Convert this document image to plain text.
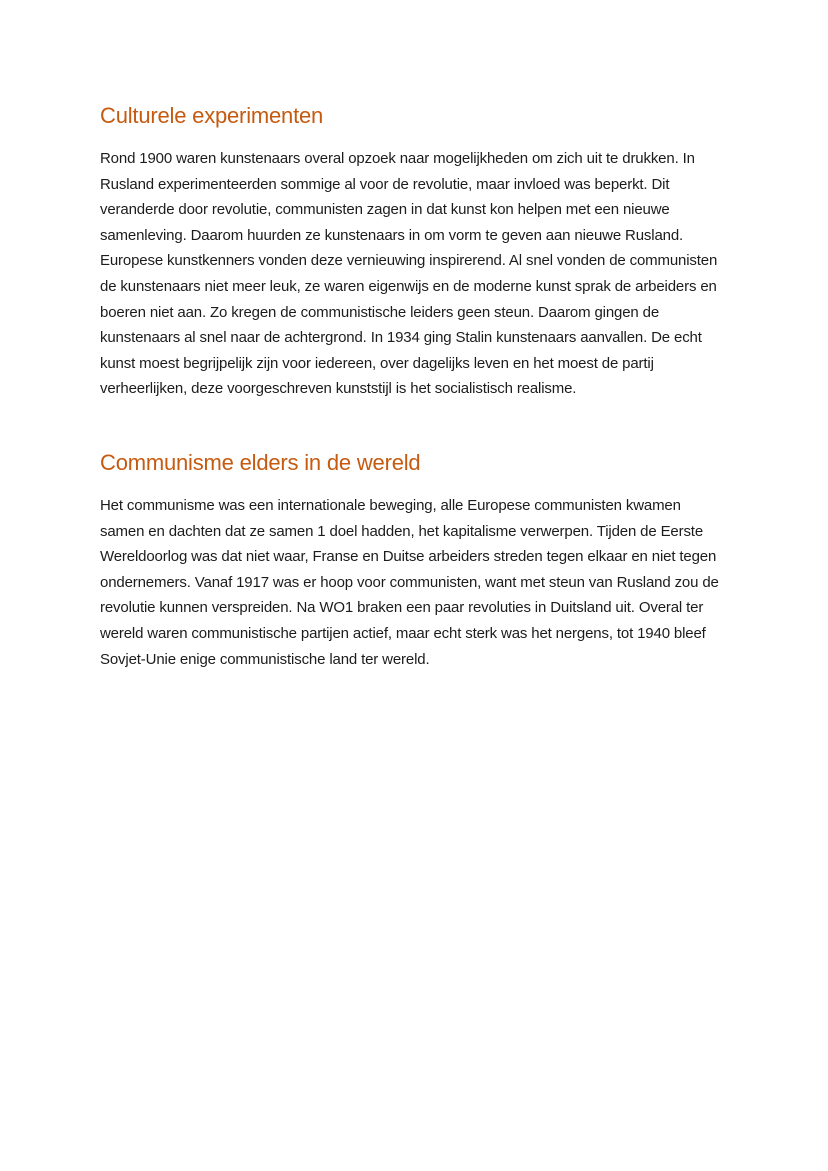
Culturele experimenten

Rond 1900 waren kunstenaars overal opzoek naar mogelijkheden om zich uit te drukken. In Rusland experimenteerden sommige al voor de revolutie, maar invloed was beperkt. Dit veranderde door revolutie, communisten zagen in dat kunst kon helpen met een nieuwe samenleving. Daarom huurden ze kunstenaars in om vorm te geven aan nieuwe Rusland. Europese kunstkenners vonden deze vernieuwing inspirerend. Al snel vonden de communisten de kunstenaars niet meer leuk, ze waren eigenwijs en de moderne kunst sprak de arbeiders en boeren niet aan. Zo kregen de communistische leiders geen steun. Daarom gingen de kunstenaars al snel naar de achtergrond. In 1934 ging Stalin kunstenaars aanvallen. De echt kunst moest begrijpelijk zijn voor iedereen, over dagelijks leven en het moest de partij verheerlijken, deze voorgeschreven kunststijl is het socialistisch realisme.

Communisme elders in de wereld

Het communisme was een internationale beweging, alle Europese communisten kwamen samen en dachten dat ze samen 1 doel hadden, het kapitalisme verwerpen. Tijden de Eerste Wereldoorlog was dat niet waar, Franse en Duitse arbeiders streden tegen elkaar en niet tegen ondernemers. Vanaf 1917 was er hoop voor communisten, want met steun van Rusland zou de revolutie kunnen verspreiden. Na WO1 braken een paar revoluties in Duitsland uit. Overal ter wereld waren communistische partijen actief, maar echt sterk was het nergens, tot 1940 bleef Sovjet-Unie enige communistische land ter wereld.
